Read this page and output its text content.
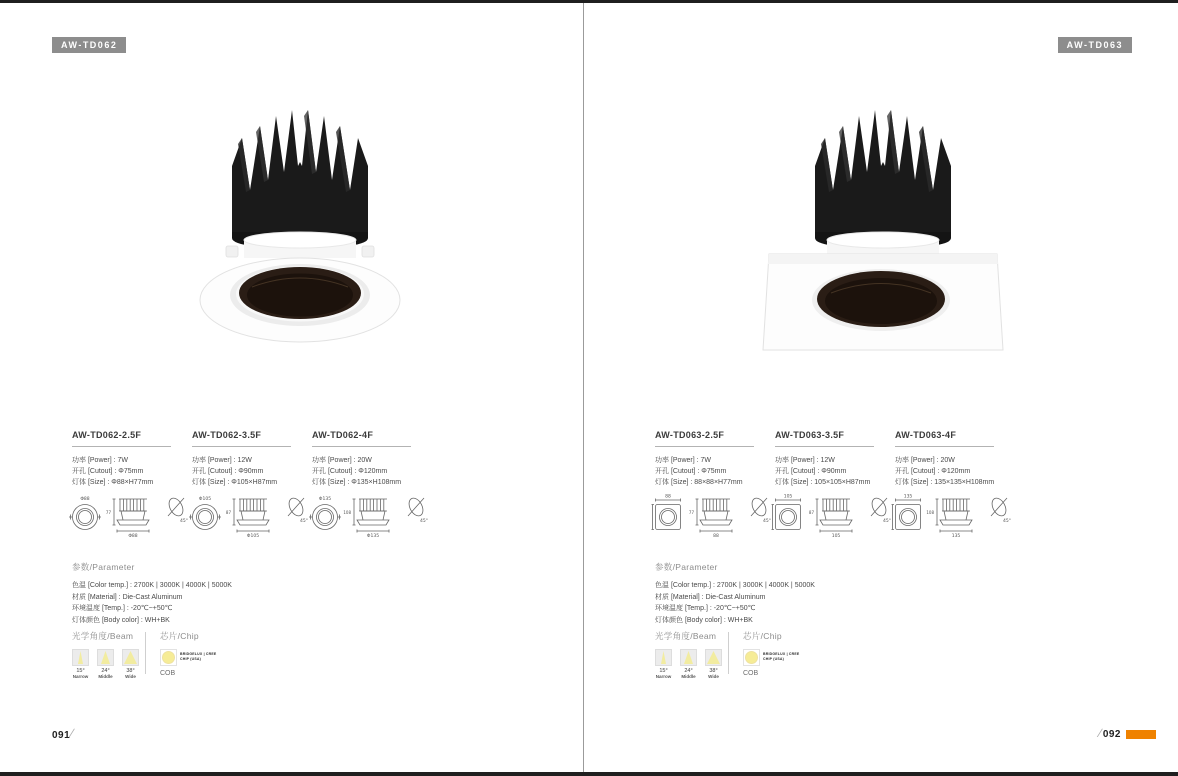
AW-TD062
AW-TD062-2.5F
功率 [Power] : 7W
开孔 [Cutout] : Φ75mm
灯体 [Size] : Φ88×H77mm
AW-TD062-3.5F
功率 [Power] : 12W
开孔 [Cutout] : Φ90mm
灯体 [Size] : Φ105×H87mm
AW-TD062-4F
功率 [Power] : 20W
开孔 [Cutout] : Φ120mm
灯体 [Size] : Φ135×H108mm
Φ88
77
Φ88
45°
Φ105
87
Φ105
45°
Φ135
108
Φ135
45°
参数/Parameter
色温 [Color temp.] : 2700K | 3000K | 4000K | 5000K
材质 [Material] : Die-Cast Aluminum
环境温度 [Temp.] : -20℃~+50℃
灯体颜色 [Body color] : WH+BK
光学角度/Beam
15°
Narrow
24°
Middle
38°
Wide
芯片/Chip
BRIDGELUX | CREE
CHIP (USA)
COB
091∕
AW-TD063
AW-TD063-2.5F
功率 [Power] : 7W
开孔 [Cutout] : Φ75mm
灯体 [Size] : 88×88×H77mm
AW-TD063-3.5F
功率 [Power] : 12W
开孔 [Cutout] : Φ90mm
灯体 [Size] : 105×105×H87mm
AW-TD063-4F
功率 [Power] : 20W
开孔 [Cutout] : Φ120mm
灯体 [Size] : 135×135×H108mm
88
77
88
45°
105
87
105
45°
135
108
135
45°
参数/Parameter
色温 [Color temp.] : 2700K | 3000K | 4000K | 5000K
材质 [Material] : Die-Cast Aluminum
环境温度 [Temp.] : -20℃~+50℃
灯体颜色 [Body color] : WH+BK
光学角度/Beam
15°
Narrow
24°
Middle
38°
Wide
芯片/Chip
BRIDGELUX | CREE
CHIP (USA)
COB
∕ 092
